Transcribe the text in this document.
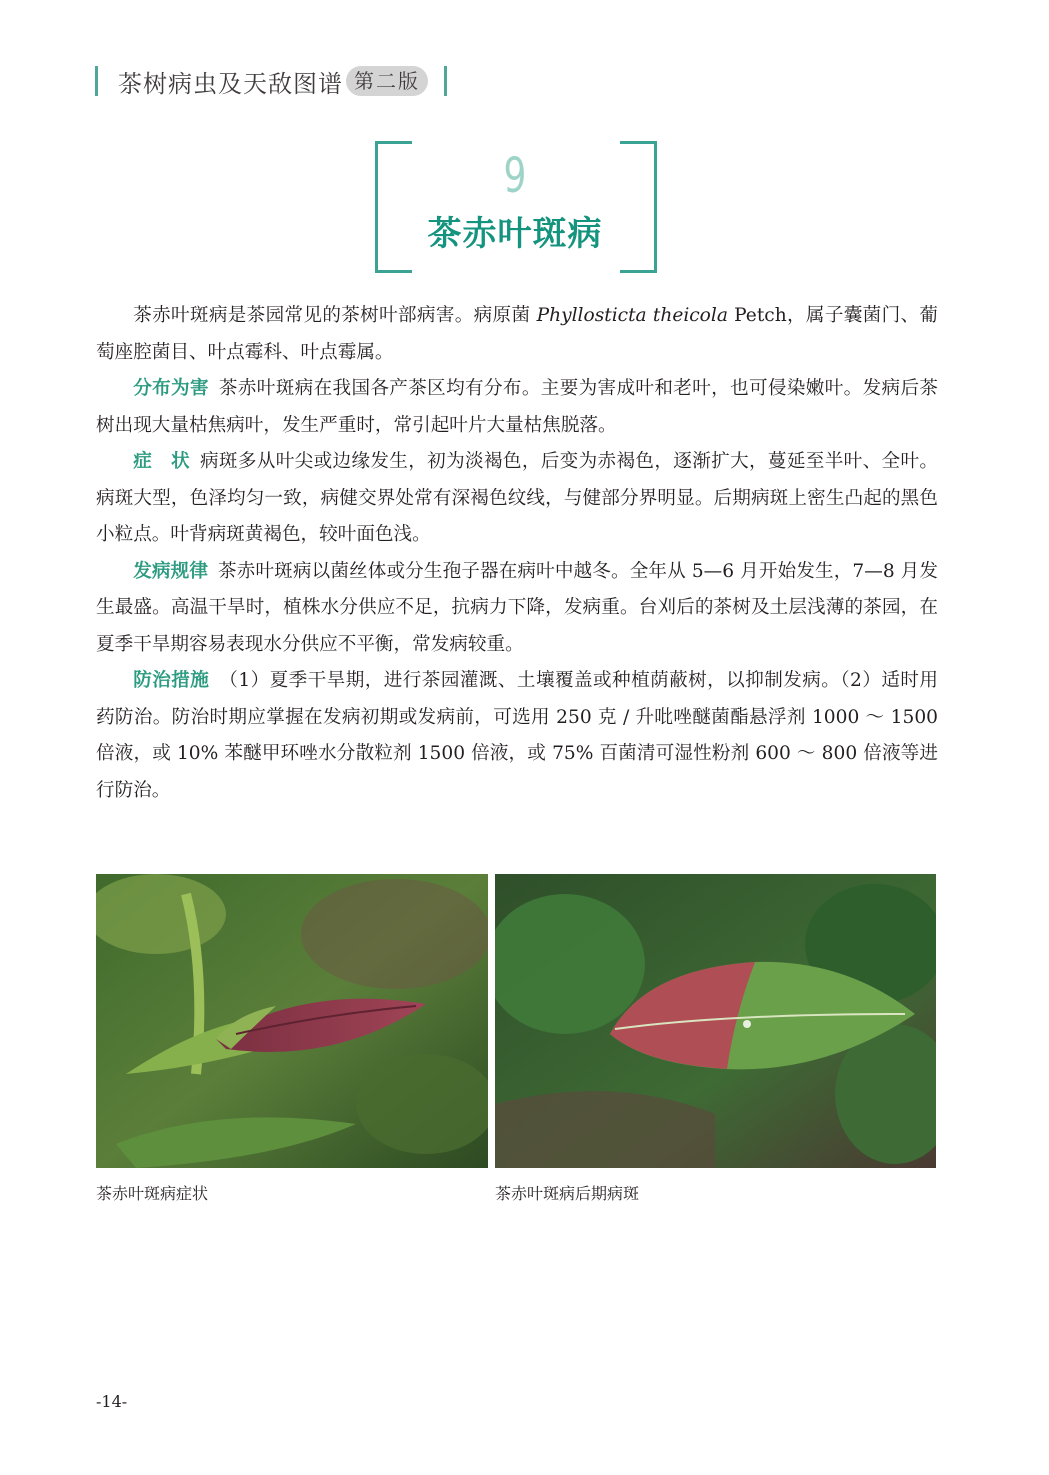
茶树病虫及天敌图谱 第二版
9
茶赤叶斑病

茶赤叶斑病是茶园常见的茶树叶部病害。病原菌 Phyllosticta theicola Petch，属子囊菌门、葡萄座腔菌目、叶点霉科、叶点霉属。

分布为害 茶赤叶斑病在我国各产茶区均有分布。主要为害成叶和老叶，也可侵染嫩叶。发病后茶树出现大量枯焦病叶，发生严重时，常引起叶片大量枯焦脱落。

症　状 病斑多从叶尖或边缘发生，初为淡褐色，后变为赤褐色，逐渐扩大，蔓延至半叶、全叶。病斑大型，色泽均匀一致，病健交界处常有深褐色纹线，与健部分界明显。后期病斑上密生凸起的黑色小粒点。叶背病斑黄褐色，较叶面色浅。

发病规律 茶赤叶斑病以菌丝体或分生孢子器在病叶中越冬。全年从 5—6 月开始发生，7—8 月发生最盛。高温干旱时，植株水分供应不足，抗病力下降，发病重。台刈后的茶树及土层浅薄的茶园，在夏季干旱期容易表现水分供应不平衡，常发病较重。

防治措施 （1）夏季干旱期，进行茶园灌溉、土壤覆盖或种植荫蔽树，以抑制发病。（2）适时用药防治。防治时期应掌握在发病初期或发病前，可选用 250 克 / 升吡唑醚菌酯悬浮剂 1000 ～ 1500 倍液，或 10% 苯醚甲环唑水分散粒剂 1500 倍液，或 75% 百菌清可湿性粉剂 600 ～ 800 倍液等进行防治。

茶赤叶斑病症状	茶赤叶斑病后期病斑
-14-
